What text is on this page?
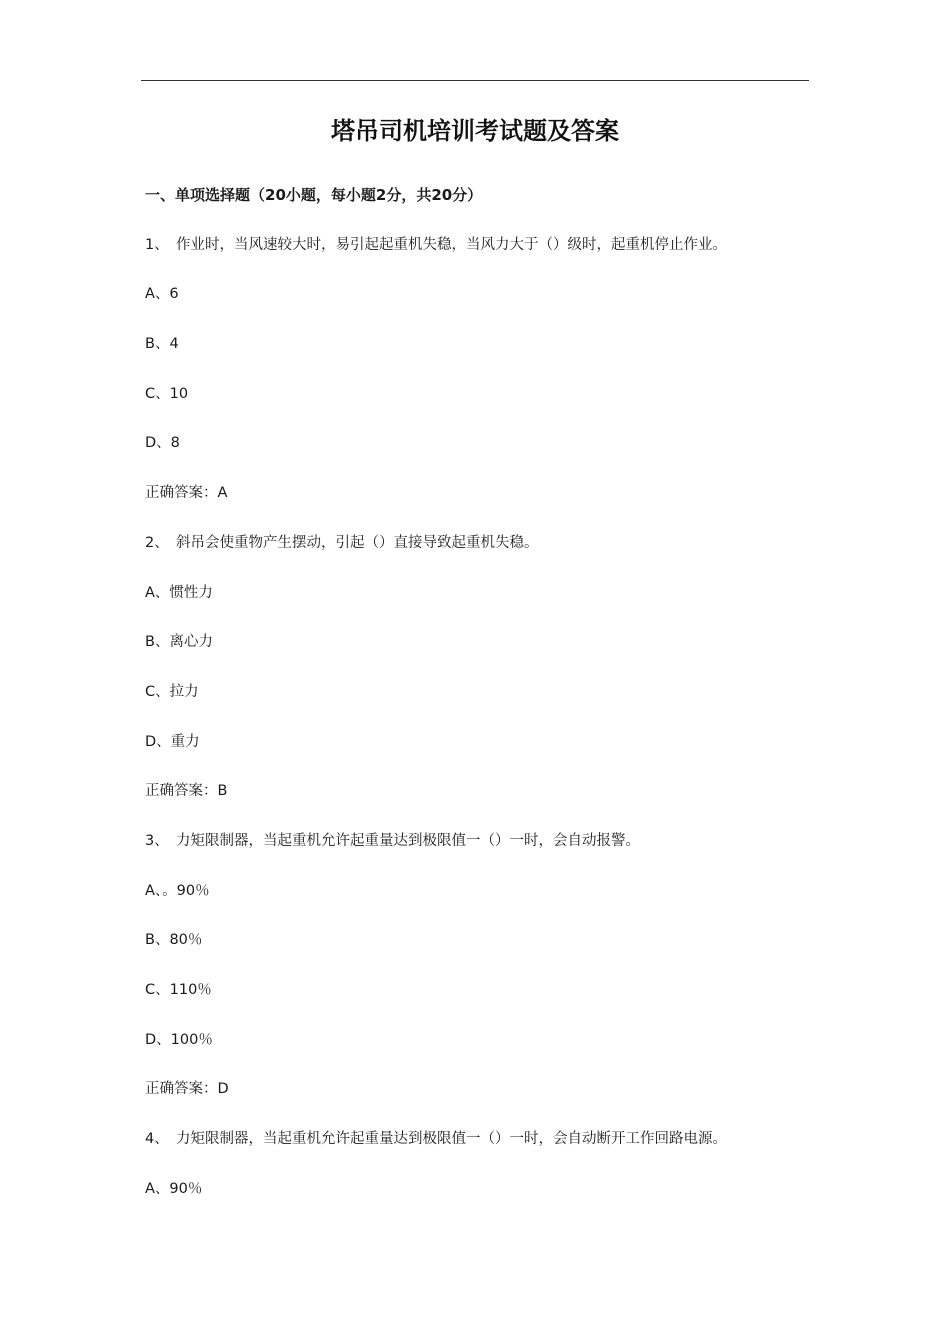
塔吊司机培训考试题及答案
一、单项选择题（20小题，每小题2分，共20分）
1、　作业时，当风速较大时，易引起起重机失稳，当风力大于（）级时，起重机停止作业。
A、6
B、4
C、10
D、8
正确答案：A
2、　斜吊会使重物产生摆动，引起（）直接导致起重机失稳。
A、惯性力
B、离心力
C、拉力
D、重力
正确答案：B
3、　力矩限制器，当起重机允许起重量达到极限值一（）一时，会自动报警。
A、。90％
B、80％
C、110％
D、100％
正确答案：D
4、　力矩限制器，当起重机允许起重量达到极限值一（）一时，会自动断开工作回路电源。
A、90％
